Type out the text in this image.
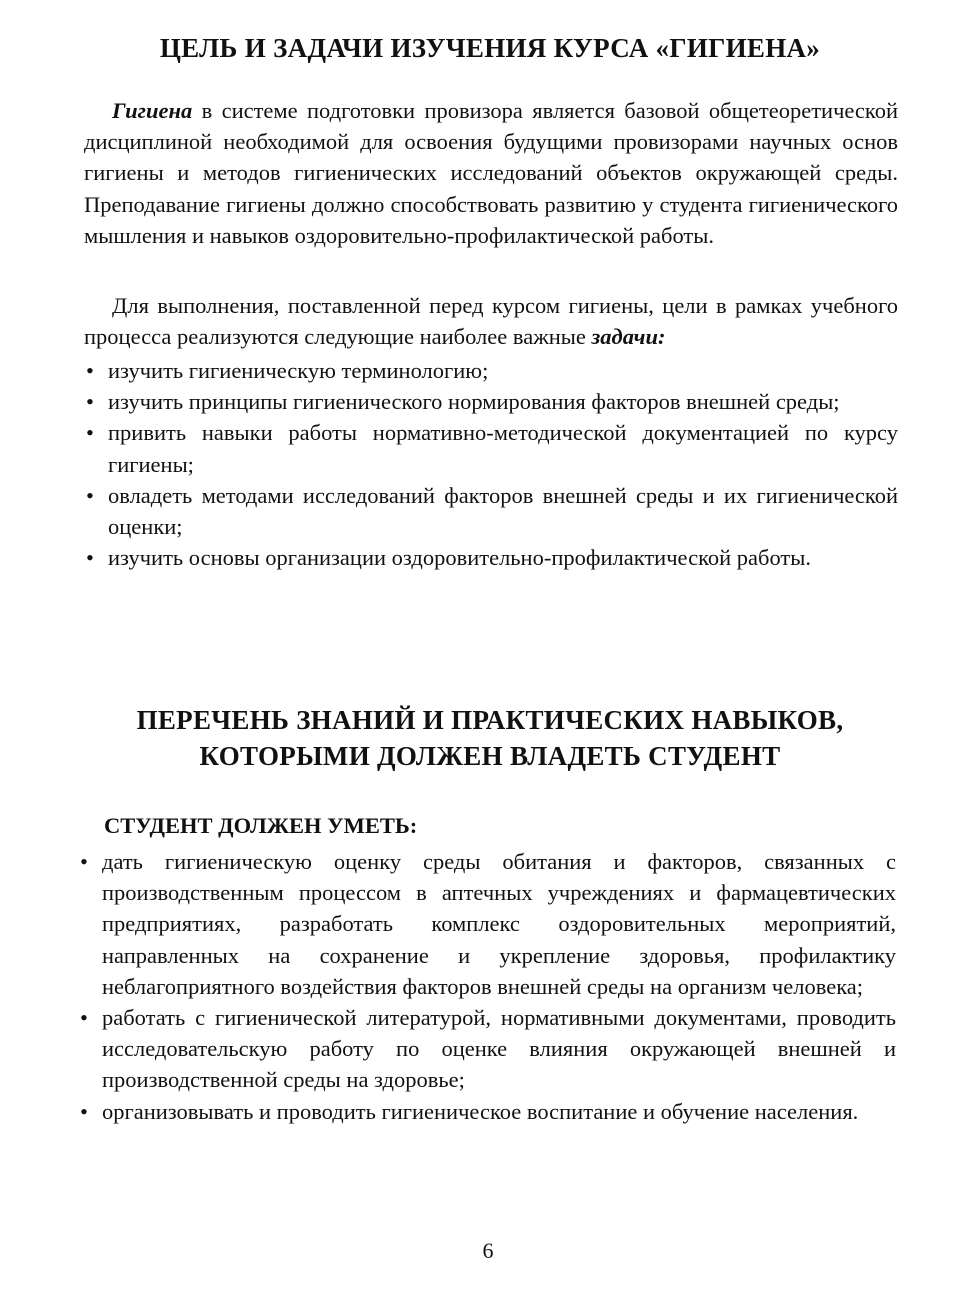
ЦЕЛЬ И ЗАДАЧИ ИЗУЧЕНИЯ КУРСА «ГИГИЕНА»

Гигиена в системе подготовки провизора является базовой общетеоретической дисциплиной необходимой для освоения будущими провизорами научных основ гигиены и методов гигиенических исследований объектов окружающей среды. Преподавание гигиены должно способствовать развитию у студента гигиенического мышления и навыков оздоровительно-профилактической работы.

Для выполнения, поставленной перед курсом гигиены, цели в рамках учебного процесса реализуются следующие наиболее важные задачи:

• изучить гигиеническую терминологию;
• изучить принципы гигиенического нормирования факторов внешней среды;
• привить навыки работы нормативно-методической документацией по курсу гигиены;
• овладеть методами исследований факторов внешней среды и их гигиенической оценки;
• изучить основы организации оздоровительно-профилактической работы.
ПЕРЕЧЕНЬ ЗНАНИЙ И ПРАКТИЧЕСКИХ НАВЫКОВ,
КОТОРЫМИ ДОЛЖЕН ВЛАДЕТЬ СТУДЕНТ
СТУДЕНТ ДОЛЖЕН УМЕТЬ:
• дать гигиеническую оценку среды обитания и факторов, связанных с производственным процессом в аптечных учреждениях и фармацевтических предприятиях, разработать комплекс оздоровительных мероприятий, направленных на сохранение и укрепление здоровья, профилактику неблагоприятного воздействия факторов внешней среды на организм человека;
• работать с гигиенической литературой, нормативными документами, проводить исследовательскую работу по оценке влияния окружающей внешней и производственной среды на здоровье;
• организовывать и проводить гигиеническое воспитание и обучение населения.
6
